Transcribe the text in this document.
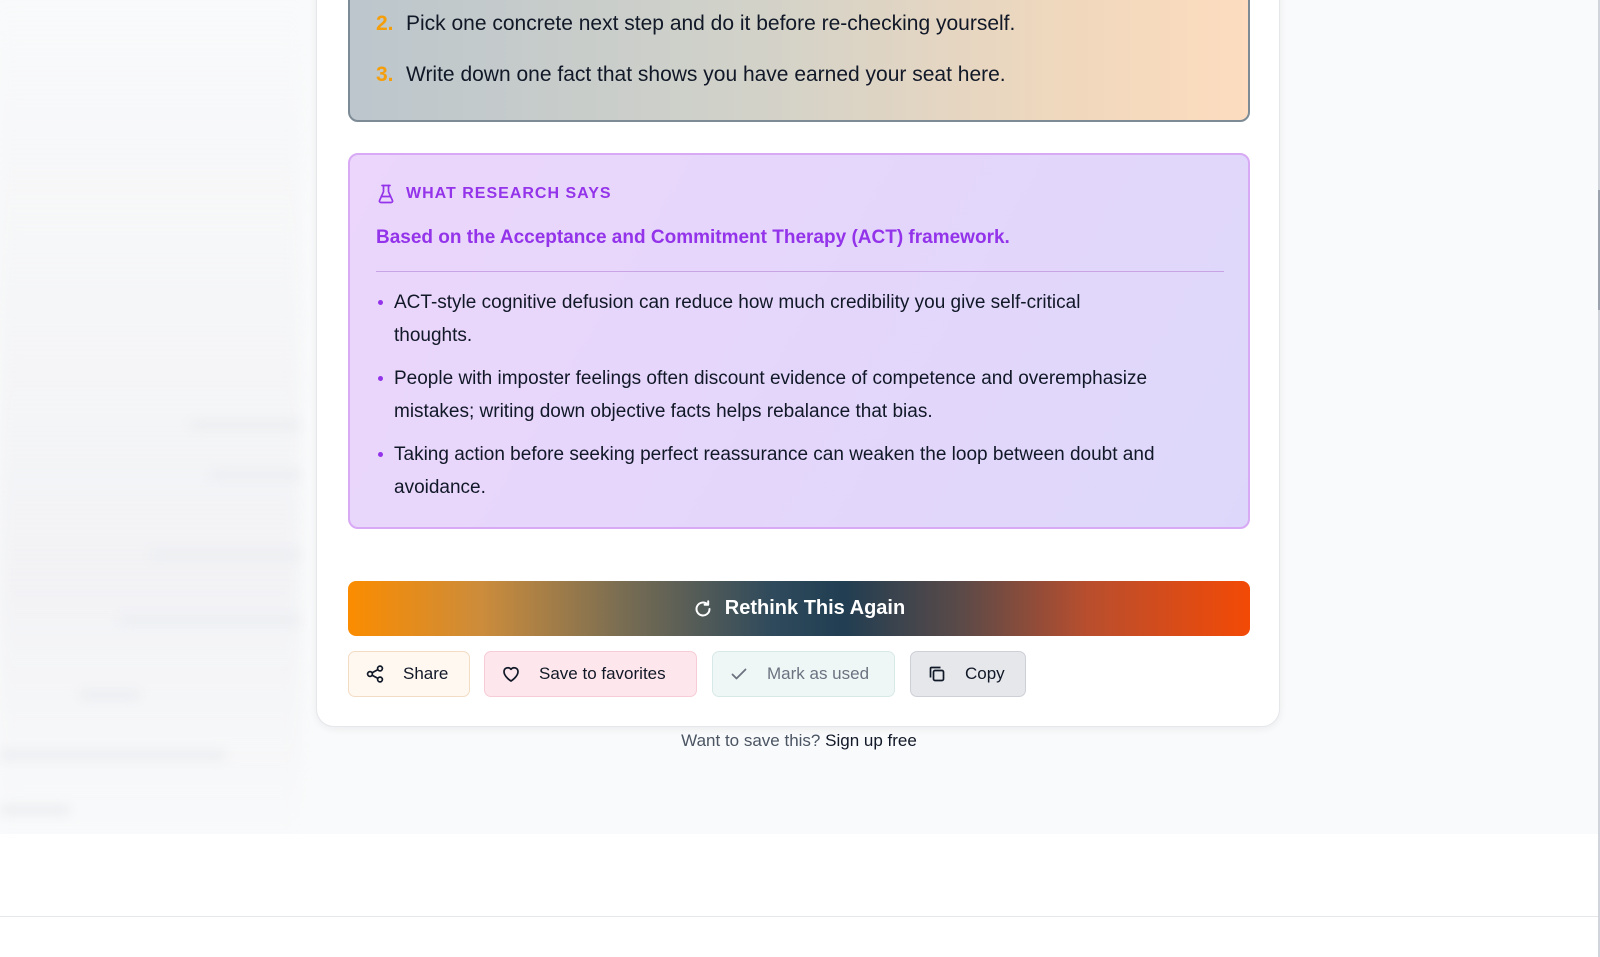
2. Pick one concrete next step and do it before re-checking yourself.
3. Write down one fact that shows you have earned your seat here.
WHAT RESEARCH SAYS
Based on the Acceptance and Commitment Therapy (ACT) framework.
ACT-style cognitive defusion can reduce how much credibility you give self-critical thoughts.
People with imposter feelings often discount evidence of competence and overemphasize mistakes; writing down objective facts helps rebalance that bias.
Taking action before seeking perfect reassurance can weaken the loop between doubt and avoidance.
Rethink This Again
Share	Save to favorites	Mark as used	Copy
Want to save this? Sign up free
